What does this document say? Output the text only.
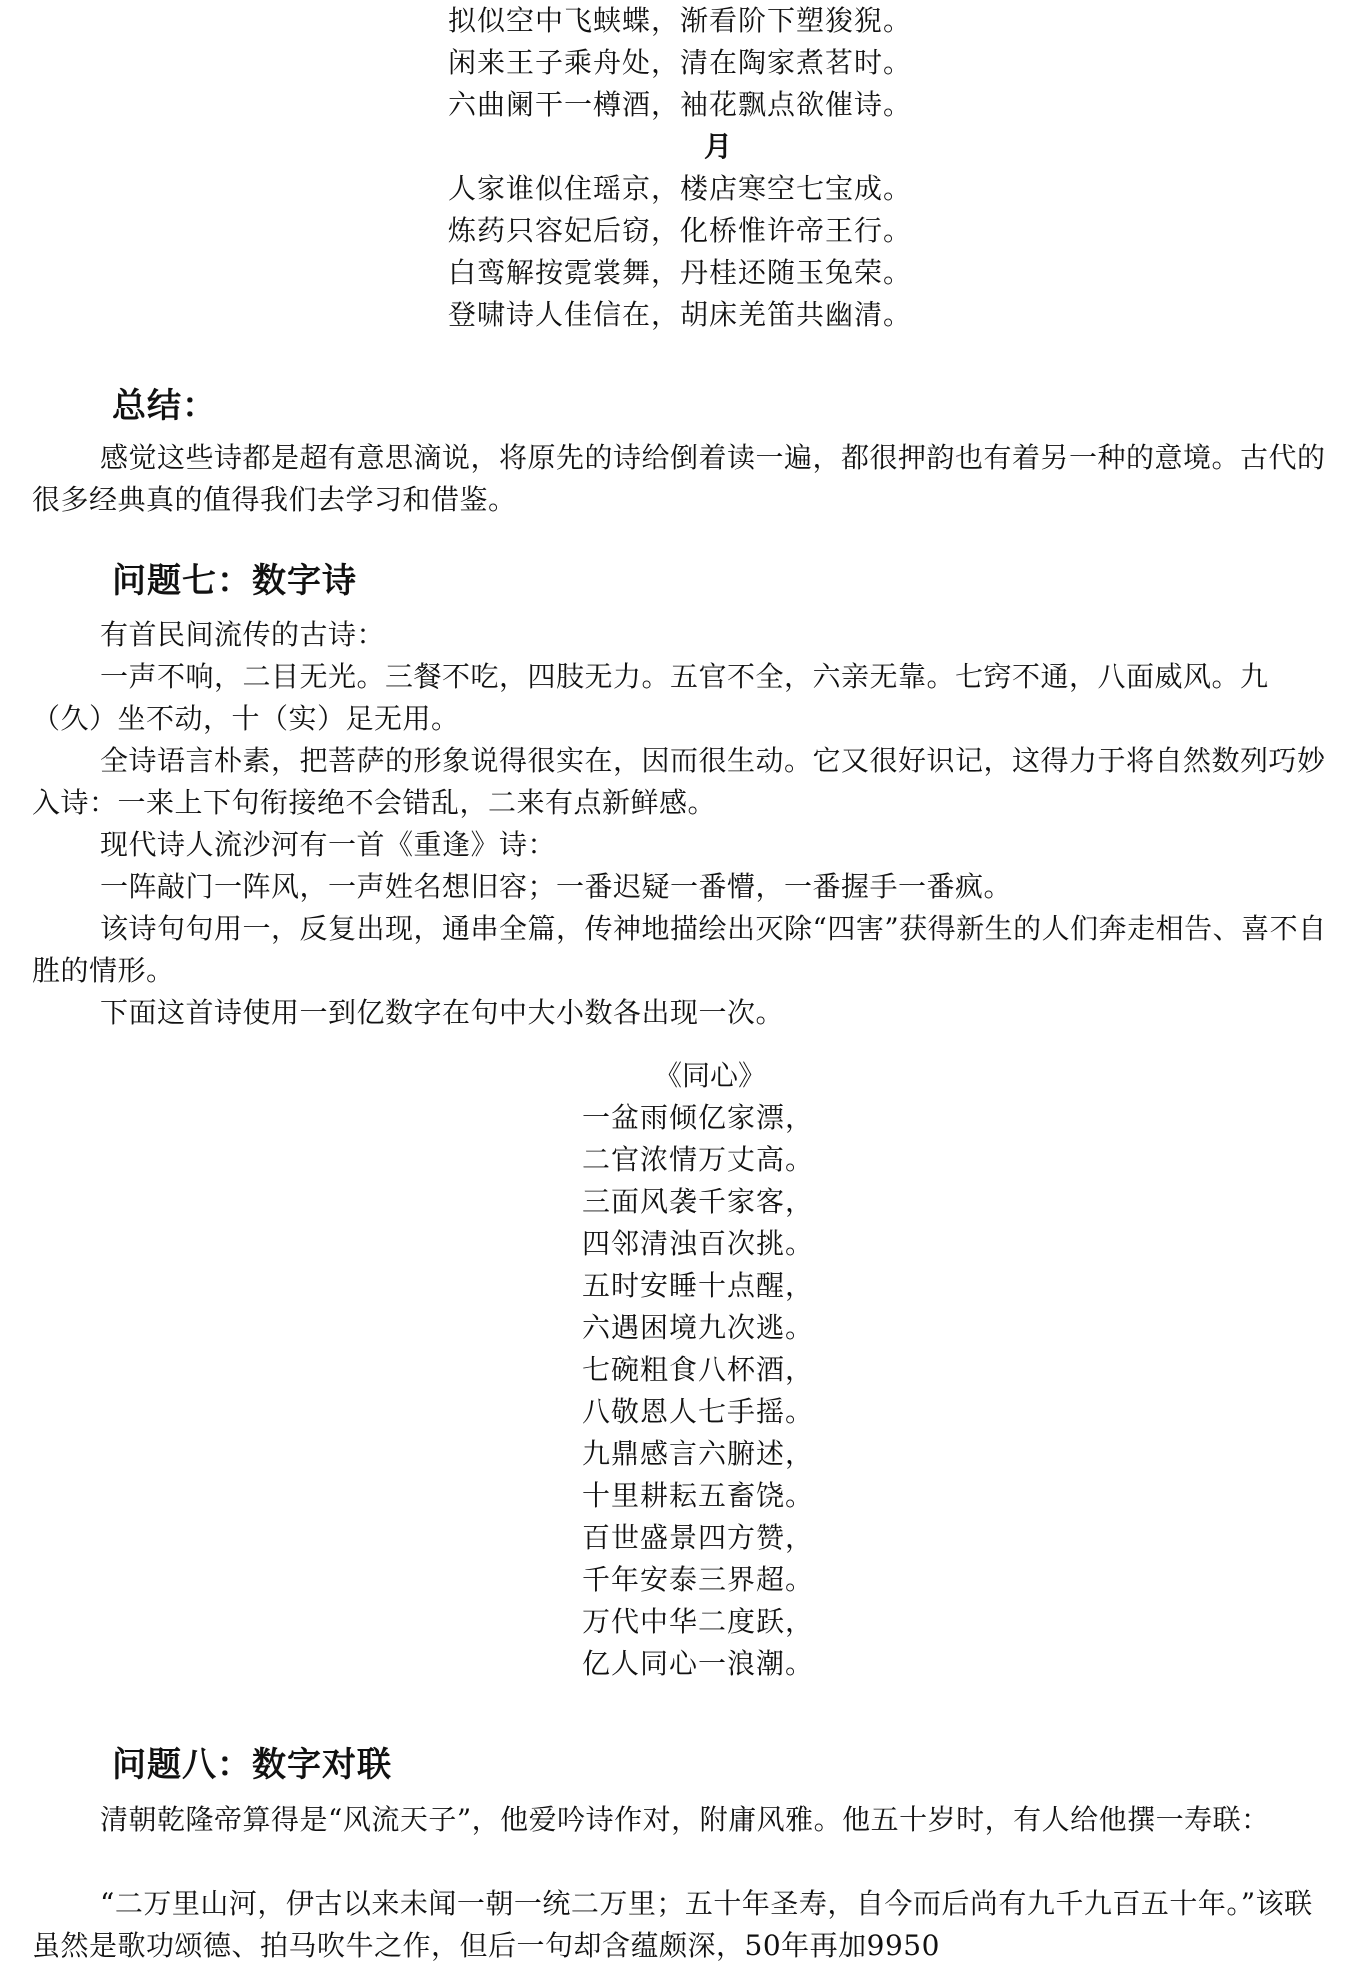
拟似空中飞蛱蝶，渐看阶下塑狻猊。
闲来王子乘舟处，清在陶家煮茗时。
六曲阑干一樽酒，袖花飘点欲催诗。
月
人家谁似住瑶京，楼店寒空七宝成。
炼药只容妃后窃，化桥惟许帝王行。
白鸾解按霓裳舞，丹桂还随玉兔荣。
登啸诗人佳信在，胡床羌笛共幽清。
总结：

感觉这些诗都是超有意思滴说，将原先的诗给倒着读一遍，都很押韵也有着另一种的意境。古代的很多经典真的值得我们去学习和借鉴。

问题七：数字诗

有首民间流传的古诗：

一声不响，二目无光。三餐不吃，四肢无力。五官不全，六亲无靠。七窍不通，八面威风。九（久）坐不动，十（实）足无用。

全诗语言朴素，把菩萨的形象说得很实在，因而很生动。它又很好识记，这得力于将自然数列巧妙入诗：一来上下句衔接绝不会错乱，二来有点新鲜感。

现代诗人流沙河有一首《重逢》诗：

一阵敲门一阵风，一声姓名想旧容；一番迟疑一番懵，一番握手一番疯。

该诗句句用一，反复出现，通串全篇，传神地描绘出灭除“四害”获得新生的人们奔走相告、喜不自胜的情形。

下面这首诗使用一到亿数字在句中大小数各出现一次。

《同心》
一盆雨倾亿家漂，
二官浓情万丈高。
三面风袭千家客，
四邻清浊百次挑。
五时安睡十点醒，
六遇困境九次逃。
七碗粗食八杯酒，
八敬恩人七手摇。
九鼎感言六腑述，
十里耕耘五畜饶。
百世盛景四方赞，
千年安泰三界超。
万代中华二度跃，
亿人同心一浪潮。
问题八：数字对联

清朝乾隆帝算得是“风流天子”，他爱吟诗作对，附庸风雅。他五十岁时，有人给他撰一寿联：

“二万里山河，伊古以来未闻一朝一统二万里；五十年圣寿，自今而后尚有九千九百五十年。”该联虽然是歌功颂德、拍马吹牛之作，但后一句却含蕴颇深，50年再加9950
